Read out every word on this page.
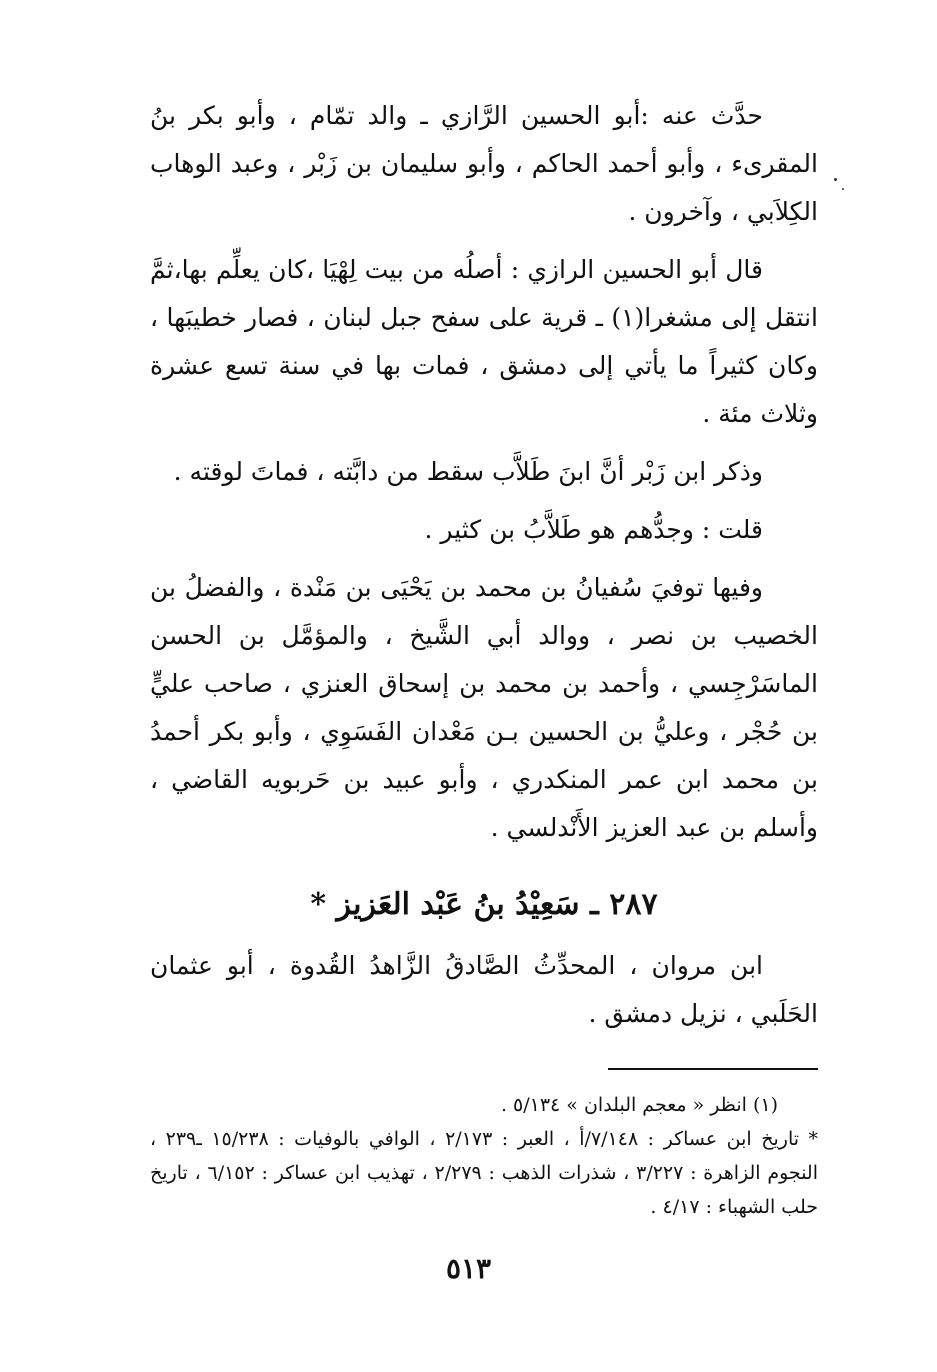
حدَّث عنه :أبو الحسين الرَّازي ـ والد تمّام ، وأبو بكر بنُ المقرىء ، وأبو أحمد الحاكم ، وأبو سليمان بن زَبْر ، وعبد الوهاب الكِلاَبي ، وآخرون .

قال أبو الحسين الرازي : أصلُه من بيت لِهْيَا ،كان يعلِّم بها،ثمَّ انتقل إلى مشغرا(١) ـ قرية على سفح جبل لبنان ، فصار خطيبَها ، وكان كثيراً ما يأتي إلى دمشق ، فمات بها في سنة تسع عشرة وثلاث مئة .

وذكر ابن زَبْر أنَّ ابنَ طَلاَّب سقط من دابَّته ، فماتَ لوقته .

قلت : وجدُّهم هو طَلاَّبُ بن كثير .

وفيها توفيَ سُفيانُ بن محمد بن يَحْيَى بن مَنْدة ، والفضلُ بن الخصيب بن نصر ، ووالد أبي الشَّيخ ، والمؤمَّل بن الحسن الماسَرْجِسي ، وأحمد بن محمد بن إسحاق العنزي ، صاحب عليٍّ بن حُجْر ، وعليُّ بن الحسين بـن مَعْدان الفَسَوِي ، وأبو بكر أحمدُ بن محمد ابن عمر المنكدري ، وأبو عبيد بن حَربويه القاضي ، وأسلم بن عبد العزيز الأَنْدلسي .

٢٨٧ ـ سَعِيْدُ بنُ عَبْد العَزيز *

ابن مروان ، المحدِّثُ الصَّادقُ الزَّاهدُ القُدوة ، أبو عثمان الحَلَبي ، نزيل دمشق .

(١) انظر « معجم البلدان » ٥/١٣٤ .

* تاريخ ابن عساكر : ٧/١٤٨/أ ، العبر : ٢/١٧٣ ، الوافي بالوفيات : ١٥/٢٣٨ ـ٢٣٩ ، النجوم الزاهرة : ٣/٢٢٧ ، شذرات الذهب : ٢/٢٧٩ ، تهذيب ابن عساكر : ٦/١٥٢ ، تاريخ حلب الشهباء : ٤/١٧ .

٥١٣
